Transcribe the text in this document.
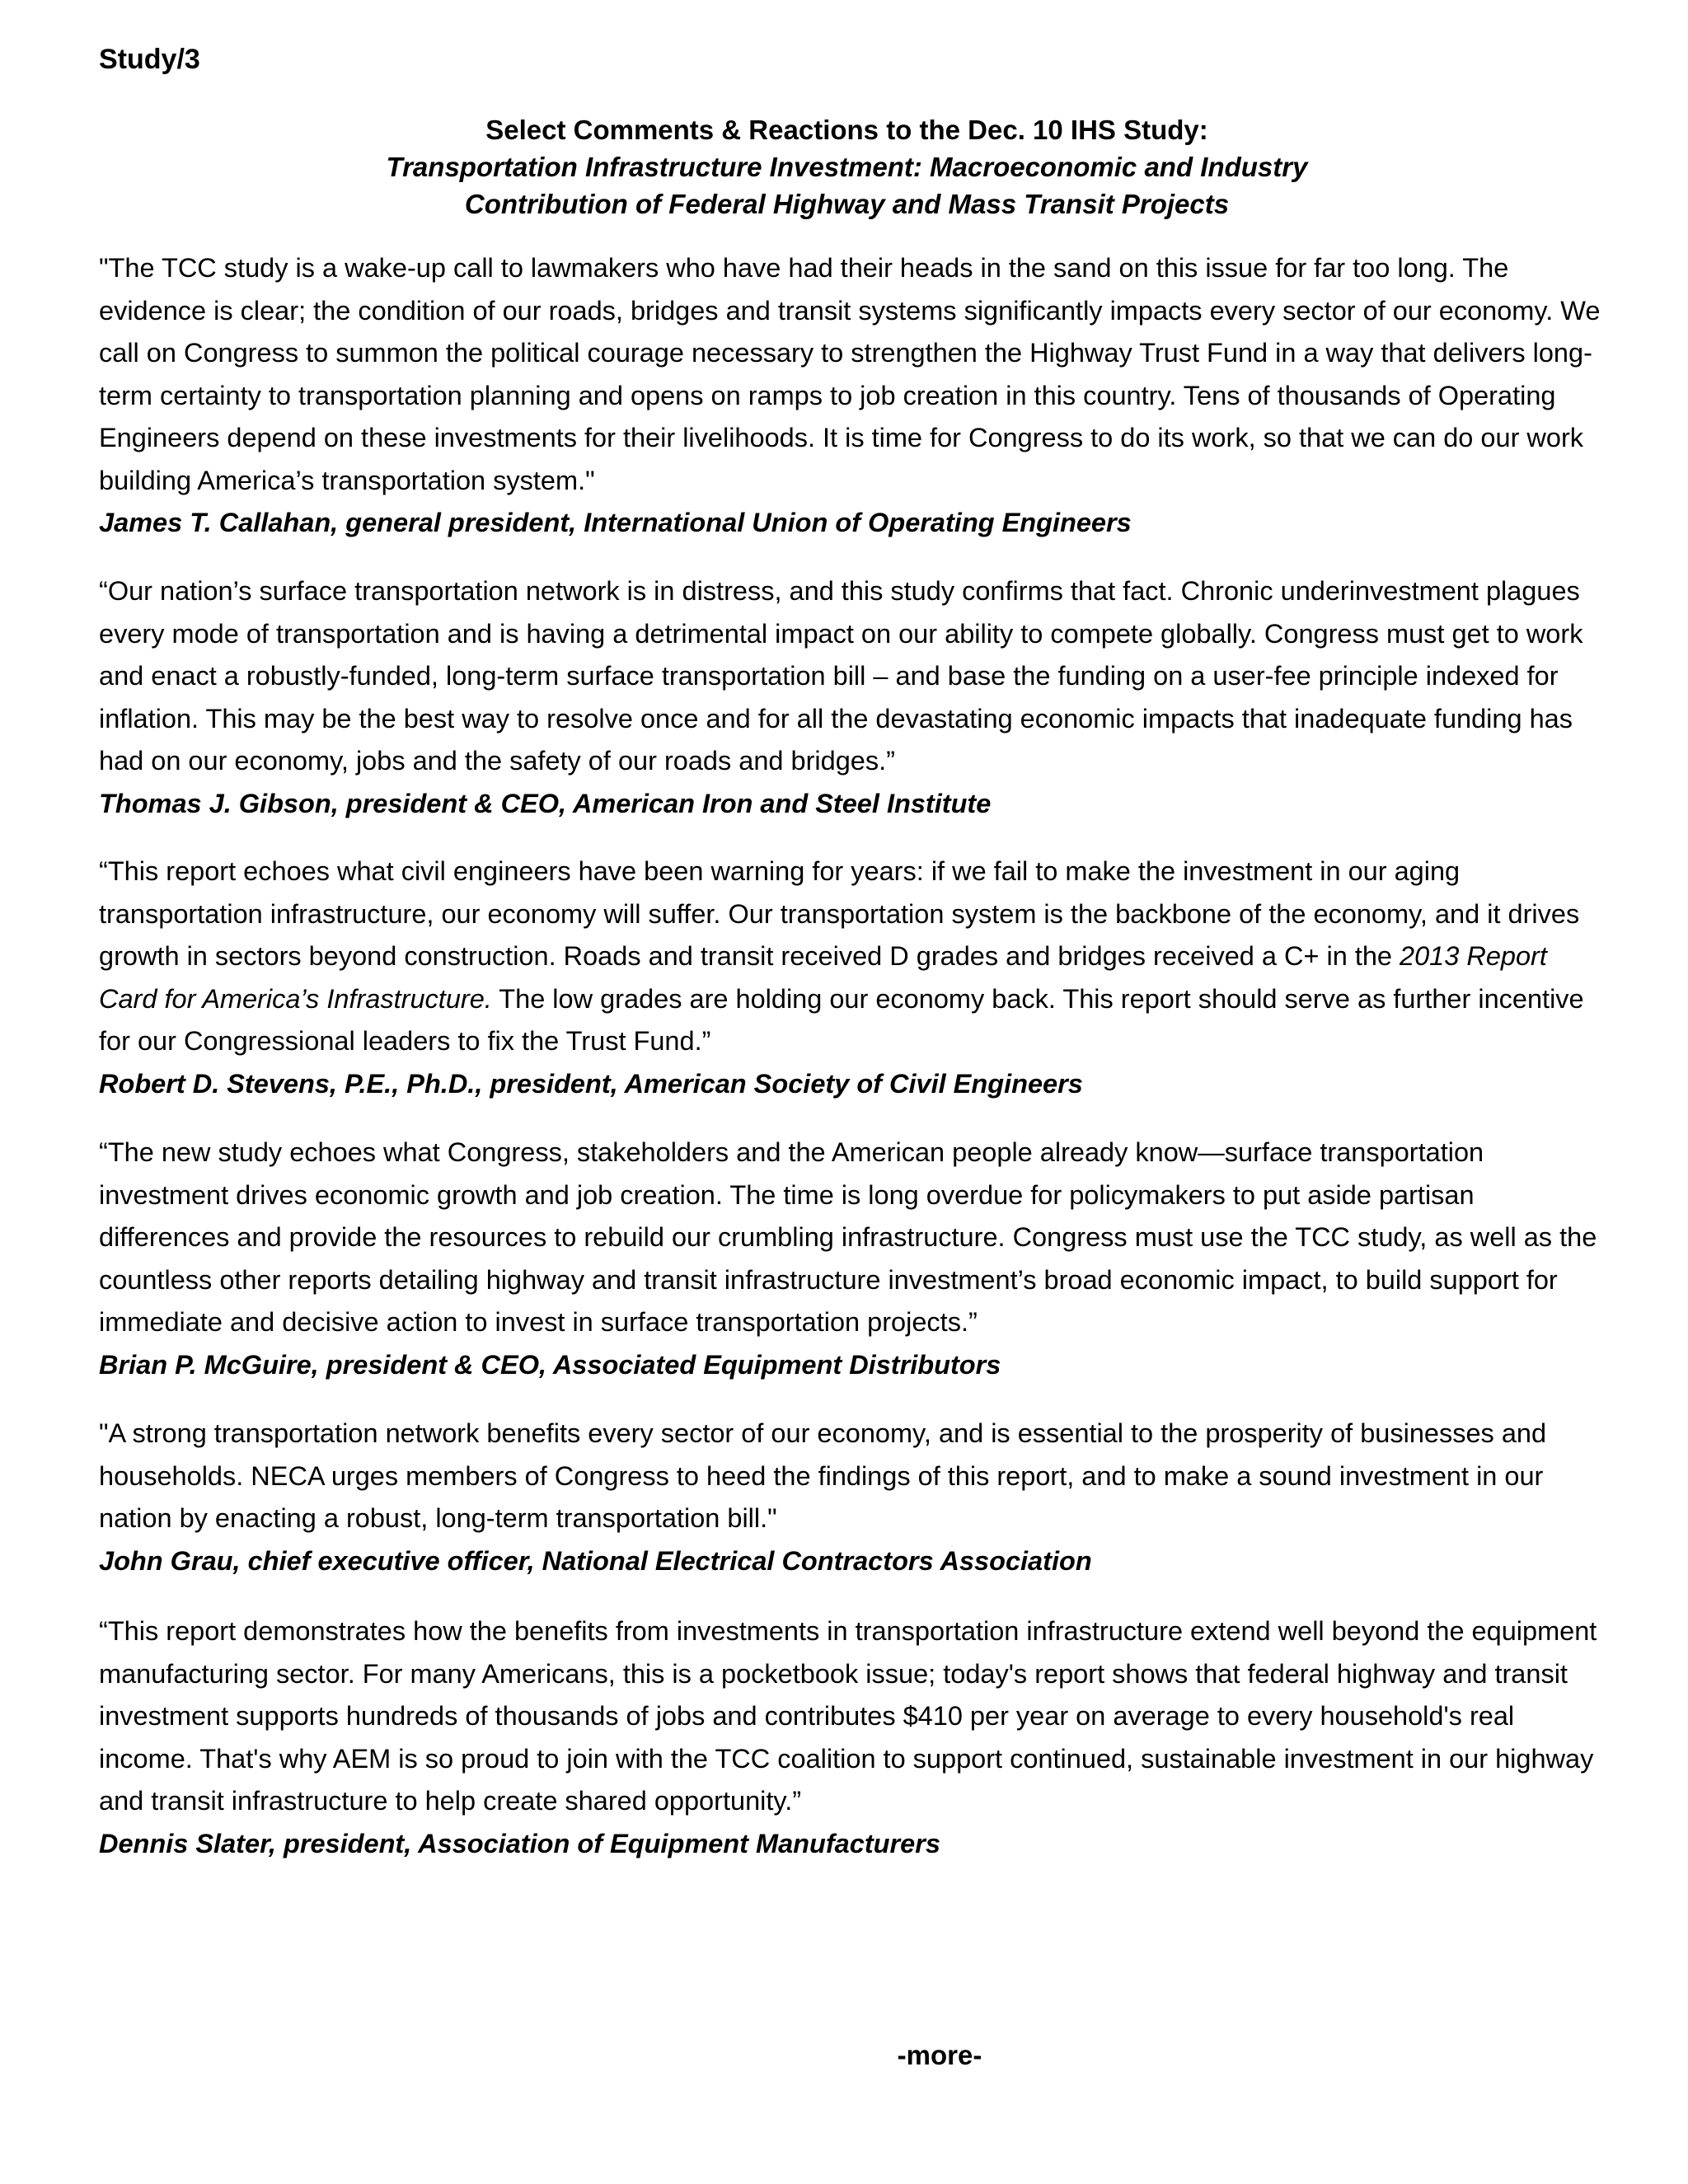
Study/3
Select Comments & Reactions to the Dec. 10 IHS Study:
Transportation Infrastructure Investment: Macroeconomic and Industry
Contribution of Federal Highway and Mass Transit Projects

"The TCC study is a wake-up call to lawmakers who have had their heads in the sand on this issue for far too long. The evidence is clear; the condition of our roads, bridges and transit systems significantly impacts every sector of our economy. We call on Congress to summon the political courage necessary to strengthen the Highway Trust Fund in a way that delivers long-term certainty to transportation planning and opens on ramps to job creation in this country. Tens of thousands of Operating Engineers depend on these investments for their livelihoods. It is time for Congress to do its work, so that we can do our work building America’s transportation system."

James T. Callahan, general president, International Union of Operating Engineers

“Our nation’s surface transportation network is in distress, and this study confirms that fact. Chronic underinvestment plagues every mode of transportation and is having a detrimental impact on our ability to compete globally. Congress must get to work and enact a robustly-funded, long-term surface transportation bill – and base the funding on a user-fee principle indexed for inflation. This may be the best way to resolve once and for all the devastating economic impacts that inadequate funding has had on our economy, jobs and the safety of our roads and bridges.”

Thomas J. Gibson, president & CEO, American Iron and Steel Institute

“This report echoes what civil engineers have been warning for years: if we fail to make the investment in our aging transportation infrastructure, our economy will suffer. Our transportation system is the backbone of the economy, and it drives growth in sectors beyond construction. Roads and transit received D grades and bridges received a C+ in the 2013 Report Card for America’s Infrastructure. The low grades are holding our economy back. This report should serve as further incentive for our Congressional leaders to fix the Trust Fund.”

Robert D. Stevens, P.E., Ph.D., president, American Society of Civil Engineers

“The new study echoes what Congress, stakeholders and the American people already know—surface transportation investment drives economic growth and job creation. The time is long overdue for policymakers to put aside partisan differences and provide the resources to rebuild our crumbling infrastructure. Congress must use the TCC study, as well as the countless other reports detailing highway and transit infrastructure investment’s broad economic impact, to build support for immediate and decisive action to invest in surface transportation projects.”

Brian P. McGuire, president & CEO, Associated Equipment Distributors

"A strong transportation network benefits every sector of our economy, and is essential to the prosperity of businesses and households. NECA urges members of Congress to heed the findings of this report, and to make a sound investment in our nation by enacting a robust, long-term transportation bill."

John Grau, chief executive officer, National Electrical Contractors Association

“This report demonstrates how the benefits from investments in transportation infrastructure extend well beyond the equipment manufacturing sector. For many Americans, this is a pocketbook issue; today's report shows that federal highway and transit investment supports hundreds of thousands of jobs and contributes $410 per year on average to every household's real income. That's why AEM is so proud to join with the TCC coalition to support continued, sustainable investment in our highway and transit infrastructure to help create shared opportunity.”

Dennis Slater, president, Association of Equipment Manufacturers

-more-
